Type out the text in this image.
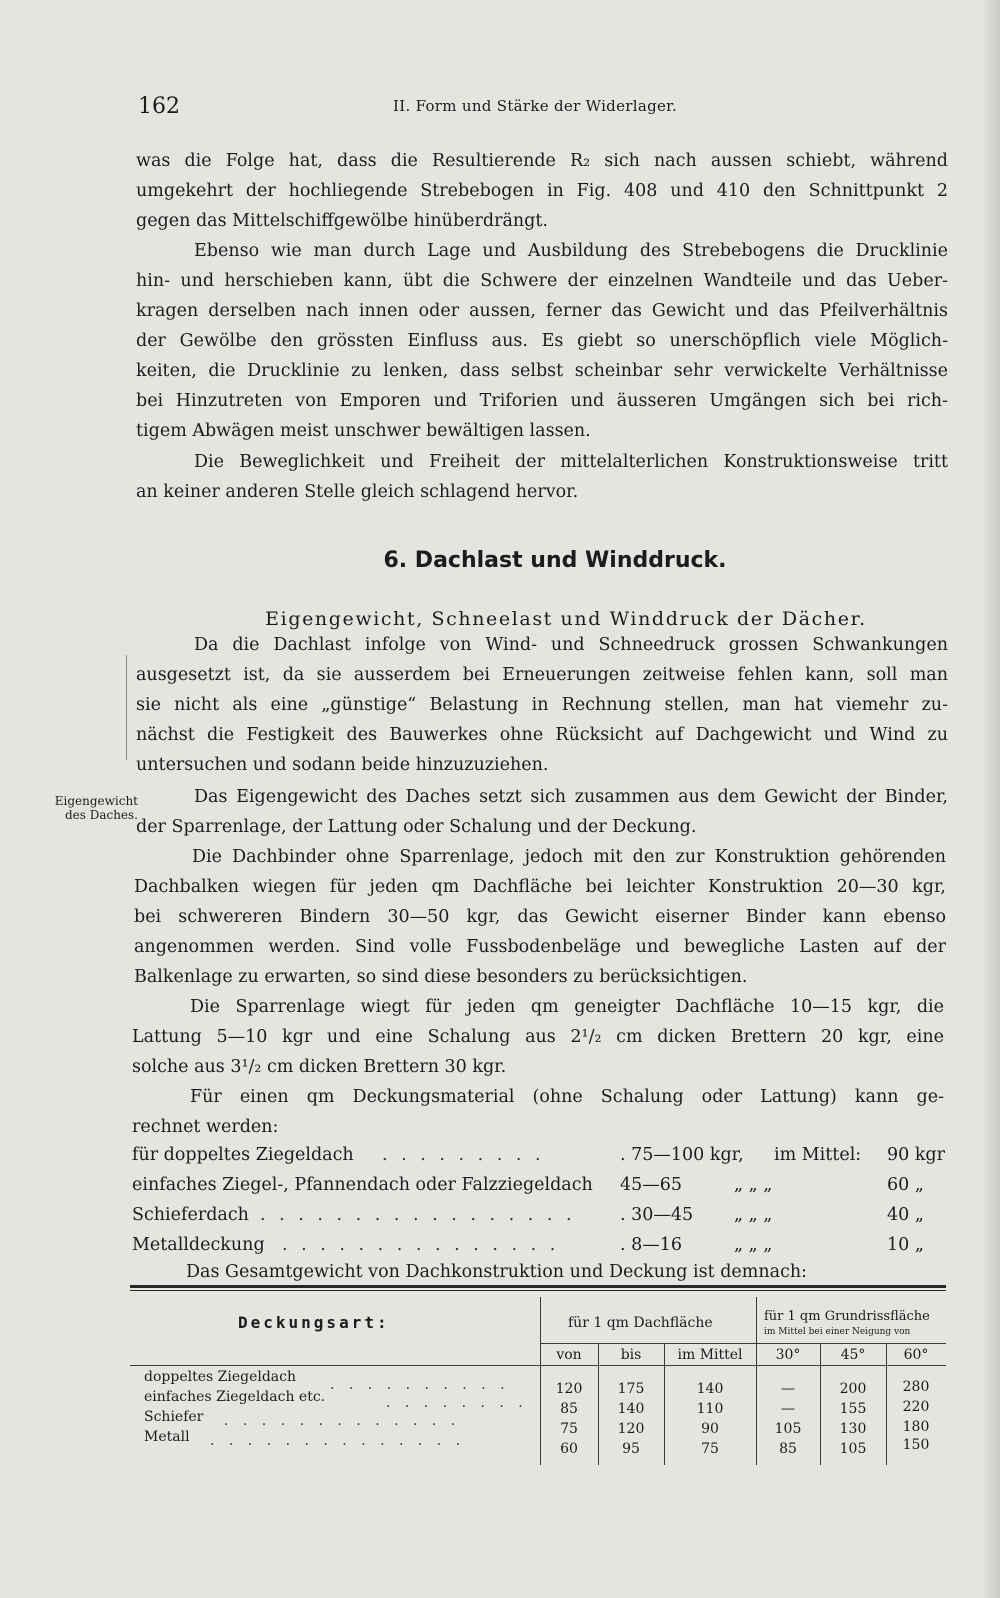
162	II. Form und Stärke der Widerlager.
was die Folge hat, dass die Resultierende R₂ sich nach aussen schiebt, während
umgekehrt der hochliegende Strebebogen in Fig. 408 und 410 den Schnittpunkt 2
gegen das Mittelschiffgewölbe hinüberdrängt.
Ebenso wie man durch Lage und Ausbildung des Strebebogens die Drucklinie
hin- und herschieben kann, übt die Schwere der einzelnen Wandteile und das Ueber-
kragen derselben nach innen oder aussen, ferner das Gewicht und das Pfeilverhältnis
der Gewölbe den grössten Einfluss aus. Es giebt so unerschöpflich viele Möglich-
keiten, die Drucklinie zu lenken, dass selbst scheinbar sehr verwickelte Verhältnisse
bei Hinzutreten von Emporen und Triforien und äusseren Umgängen sich bei rich-
tigem Abwägen meist unschwer bewältigen lassen.
Die Beweglichkeit und Freiheit der mittelalterlichen Konstruktionsweise tritt
an keiner anderen Stelle gleich schlagend hervor.
6. Dachlast und Winddruck.
Eigengewicht, Schneelast und Winddruck der Dächer.
Da die Dachlast infolge von Wind- und Schneedruck grossen Schwankungen
ausgesetzt ist, da sie ausserdem bei Erneuerungen zeitweise fehlen kann, soll man
sie nicht als eine „günstige“ Belastung in Rechnung stellen, man hat viemehr zu-
nächst die Festigkeit des Bauwerkes ohne Rücksicht auf Dachgewicht und Wind zu
untersuchen und sodann beide hinzuzuziehen.
Eigengewicht des Daches.
Das Eigengewicht des Daches setzt sich zusammen aus dem Gewicht der Binder,
der Sparrenlage, der Lattung oder Schalung und der Deckung.
Die Dachbinder ohne Sparrenlage, jedoch mit den zur Konstruktion gehörenden
Dachbalken wiegen für jeden qm Dachfläche bei leichter Konstruktion 20—30 kgr,
bei schwereren Bindern 30—50 kgr, das Gewicht eiserner Binder kann ebenso
angenommen werden. Sind volle Fussbodenbeläge und bewegliche Lasten auf der
Balkenlage zu erwarten, so sind diese besonders zu berücksichtigen.
Die Sparrenlage wiegt für jeden qm geneigter Dachfläche 10—15 kgr, die
Lattung 5—10 kgr und eine Schalung aus 2¹/₂ cm dicken Brettern 20 kgr, eine
solche aus 3¹/₂ cm dicken Brettern 30 kgr.
Für einen qm Deckungsmaterial (ohne Schalung oder Lattung) kann ge-
rechnet werden:
für doppeltes Ziegeldach . . . . . . . . .	. 75—100 kgr, im Mittel: 90 kgr
einfaches Ziegel-, Pfannendach oder Falzziegeldach 45—65	„ „ „	60 „
Schieferdach . . . . . . . . . . . . . . . . .	. 30—45 „ „ „	40 „
Metalldeckung . . . . . . . . . . . . . . .	. 8—16	„ „ „	10 „
Das Gesamtgewicht von Dachkonstruktion und Deckung ist demnach:
Deckungsart:	für 1 qm Dachfläche	für 1 qm Grundrissfläche
im Mittel bei einer Neigung von
von	bis	im Mittel	30°	45°	60°
doppeltes Ziegeldach . . . . . . . . . .	120	175	140	—	200	280
einfaches Ziegeldach etc.	. . . . . . . .	85	140	110	—	155	220
Schiefer . . . . . . . . . . . . .	75	120	90	105	130	180
Metall . . . . . . . . . . . . . .	60	95	75	85	105	150
